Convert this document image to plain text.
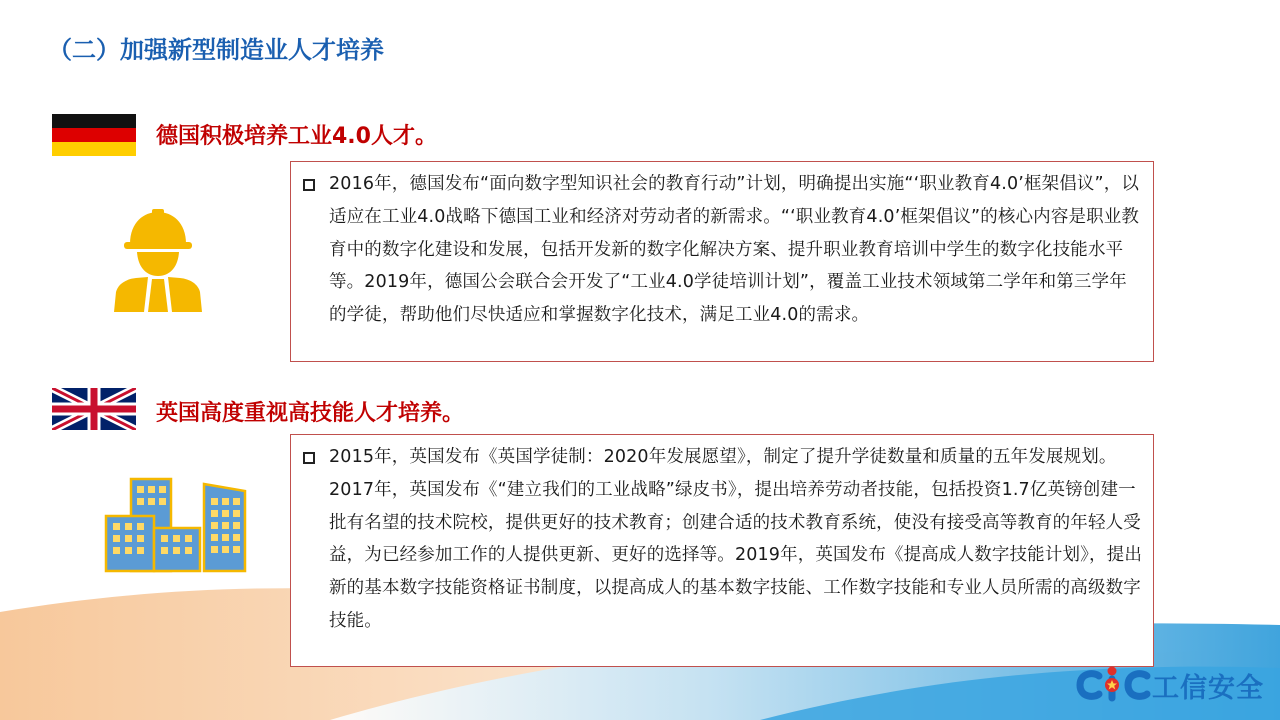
（二）加强新型制造业人才培养
德国积极培养工业4.0人才。

2016年，德国发布“面向数字型知识社会的教育行动”计划，明确提出实施“‘职业教育4.0’框架倡议”，以适应在工业4.0战略下德国工业和经济对劳动者的新需求。“‘职业教育4.0’框架倡议”的核心内容是职业教育中的数字化建设和发展，包括开发新的数字化解决方案、提升职业教育培训中学生的数字化技能水平等。2019年，德国公会联合会开发了“工业4.0学徒培训计划”，覆盖工业技术领域第二学年和第三学年的学徒，帮助他们尽快适应和掌握数字化技术，满足工业4.0的需求。

英国高度重视高技能人才培养。

2015年，英国发布《英国学徒制：2020年发展愿望》，制定了提升学徒数量和质量的五年发展规划。2017年，英国发布《“建立我们的工业战略”绿皮书》，提出培养劳动者技能，包括投资1.7亿英镑创建一批有名望的技术院校，提供更好的技术教育；创建合适的技术教育系统，使没有接受高等教育的年轻人受益，为已经参加工作的人提供更新、更好的选择等。2019年，英国发布《提高成人数字技能计划》，提出新的基本数字技能资格证书制度，以提高成人的基本数字技能、工作数字技能和专业人员所需的高级数字技能。

工信安全
